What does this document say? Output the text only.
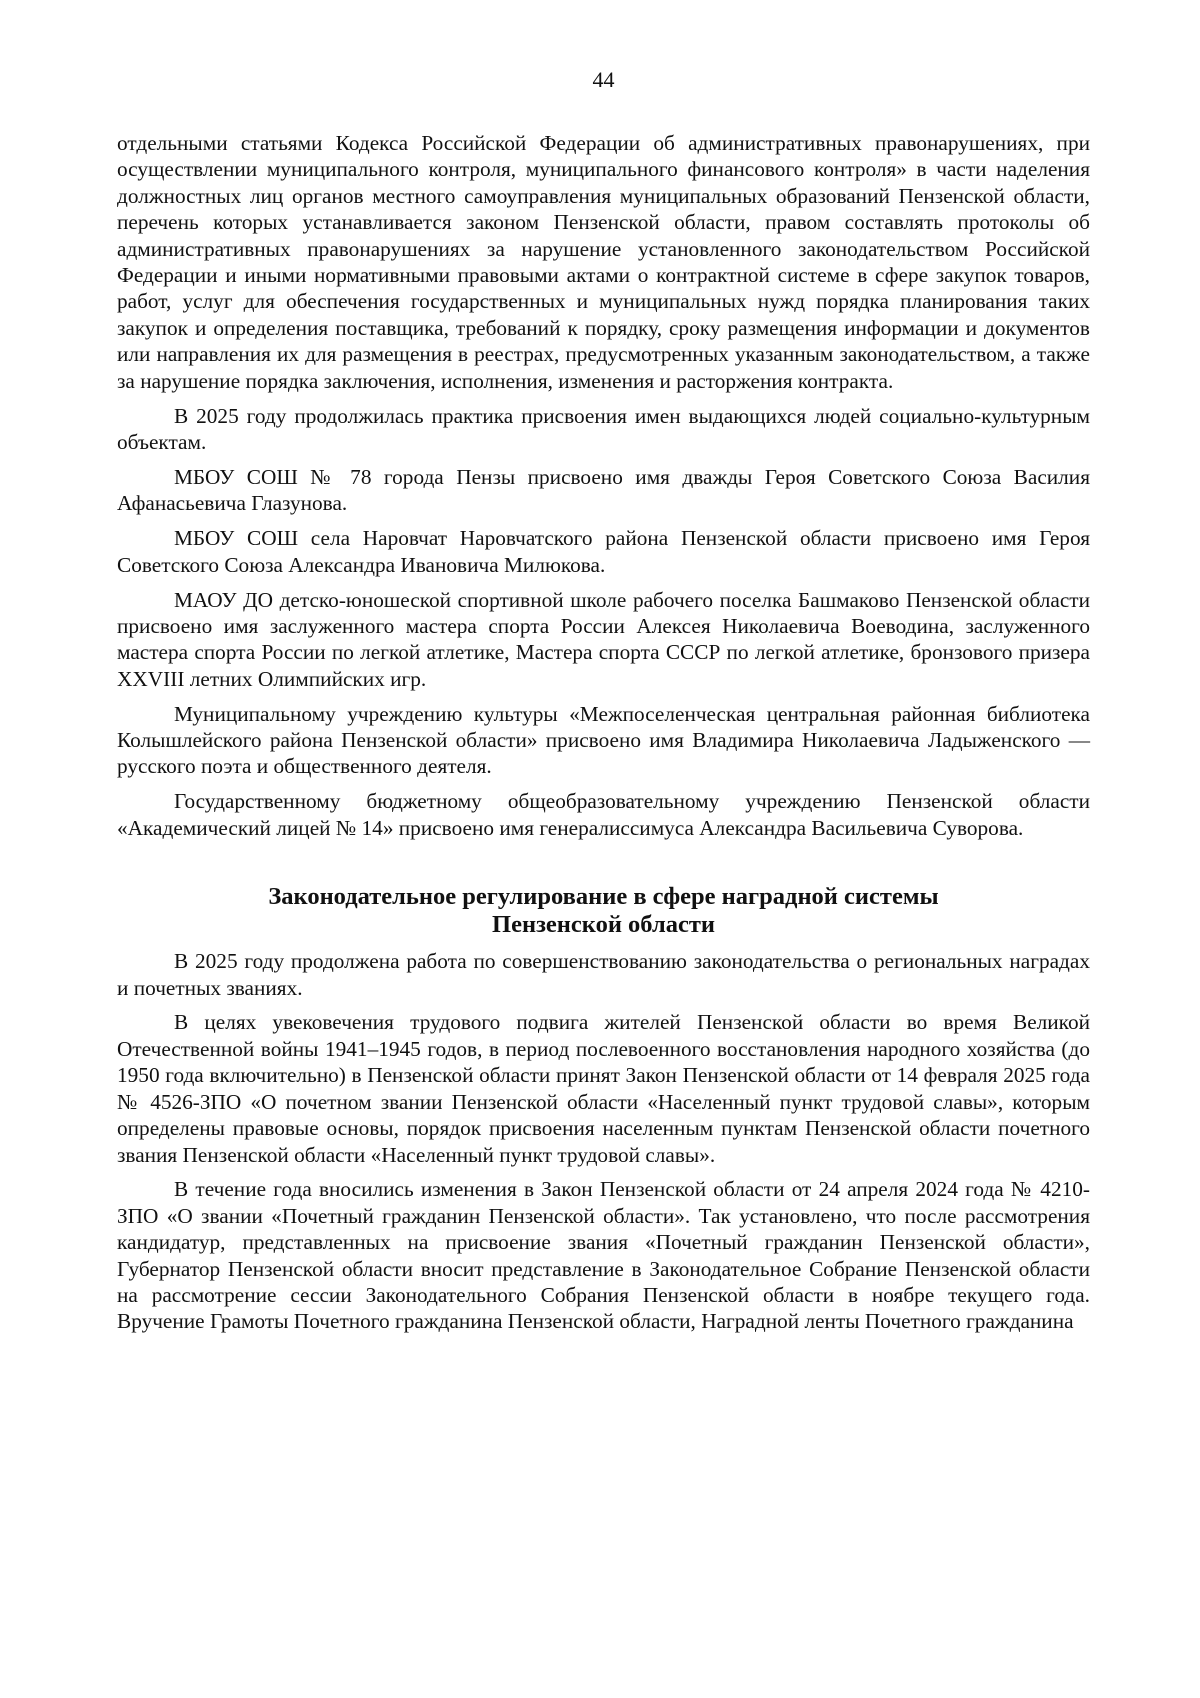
44

отдельными статьями Кодекса Российской Федерации об административных правонарушениях, при осуществлении муниципального контроля, муниципального финансового контроля» в части наделения должностных лиц органов местного самоуправления муниципальных образований Пензенской области, перечень которых устанавливается законом Пензенской области, правом составлять протоколы об административных правонарушениях за нарушение установленного законодательством Российской Федерации и иными нормативными правовыми актами о контрактной системе в сфере закупок товаров, работ, услуг для обеспечения государственных и муниципальных нужд порядка планирования таких закупок и определения поставщика, требований к порядку, сроку размещения информации и документов или направления их для размещения в реестрах, предусмотренных указанным законодательством, а также за нарушение порядка заключения, исполнения, изменения и расторжения контракта.

В 2025 году продолжилась практика присвоения имен выдающихся людей социально-культурным объектам.

МБОУ СОШ № 78 города Пензы присвоено имя дважды Героя Советского Союза Василия Афанасьевича Глазунова.

МБОУ СОШ села Наровчат Наровчатского района Пензенской области присвоено имя Героя Советского Союза Александра Ивановича Милюкова.

МАОУ ДО детско-юношеской спортивной школе рабочего поселка Башмаково Пензенской области присвоено имя заслуженного мастера спорта России Алексея Николаевича Воеводина, заслуженного мастера спорта России по легкой атлетике, Мастера спорта СССР по легкой атлетике, бронзового призера XXVIII летних Олимпийских игр.

Муниципальному учреждению культуры «Межпоселенческая центральная районная библиотека Колышлейского района Пензенской области» присвоено имя Владимира Николаевича Ладыженского — русского поэта и общественного деятеля.

Государственному бюджетному общеобразовательному учреждению Пензенской области «Академический лицей № 14» присвоено имя генералиссимуса Александра Васильевича Суворова.

Законодательное регулирование в сфере наградной системы
Пензенской области

В 2025 году продолжена работа по совершенствованию законодательства о региональных наградах и почетных званиях.

В целях увековечения трудового подвига жителей Пензенской области во время Великой Отечественной войны 1941–1945 годов, в период послевоенного восстановления народного хозяйства (до 1950 года включительно) в Пензенской области принят Закон Пензенской области от 14 февраля 2025 года № 4526-ЗПО «О почетном звании Пензенской области «Населенный пункт трудовой славы», которым определены правовые основы, порядок присвоения населенным пунктам Пензенской области почетного звания Пензенской области «Населенный пункт трудовой славы».

В течение года вносились изменения в Закон Пензенской области от 24 апреля 2024 года № 4210-ЗПО «О звании «Почетный гражданин Пензенской области». Так установлено, что после рассмотрения кандидатур, представленных на присвоение звания «Почетный гражданин Пензенской области», Губернатор Пензенской области вносит представление в Законодательное Собрание Пензенской области на рассмотрение сессии Законодательного Собрания Пензенской области в ноябре текущего года. Вручение Грамоты Почетного гражданина Пензенской области, Наградной ленты Почетного гражданина
